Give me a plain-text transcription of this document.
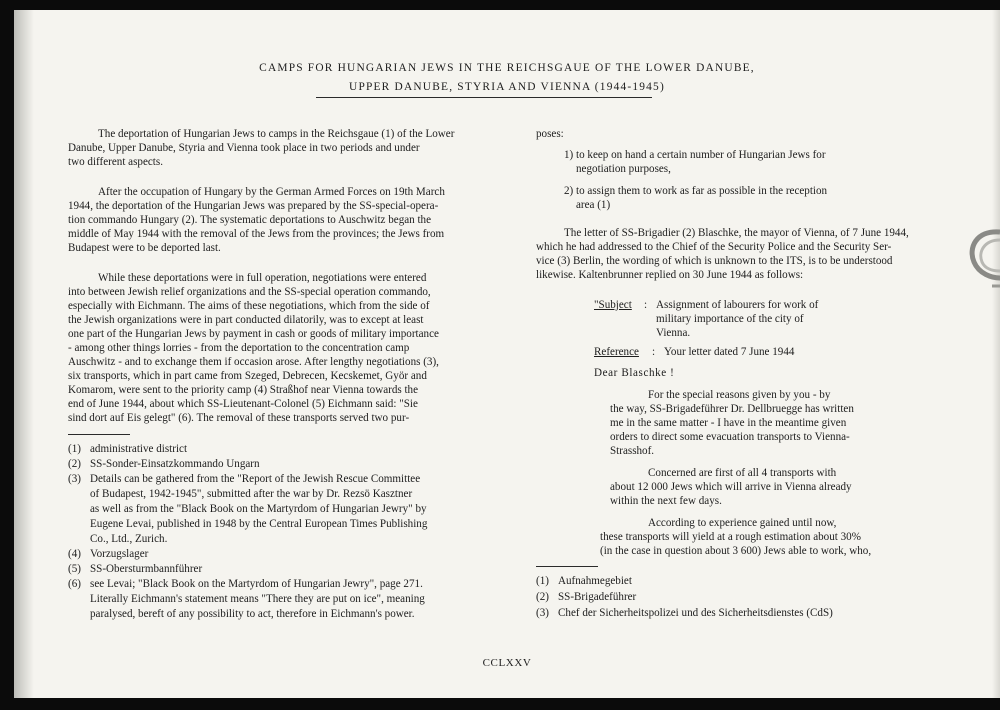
CAMPS FOR HUNGARIAN JEWS IN THE REICHSGAUE OF THE LOWER DANUBE,
UPPER DANUBE, STYRIA AND VIENNA (1944-1945)
The deportation of Hungarian Jews to camps in the Reichsgaue (1) of the Lower
Danube, Upper Danube, Styria and Vienna took place in two periods and under
two different aspects.
After the occupation of Hungary by the German Armed Forces on 19th March
1944, the deportation of the Hungarian Jews was prepared by the SS-special-opera-
tion commando Hungary (2). The systematic deportations to Auschwitz began the
middle of May 1944 with the removal of the Jews from the provinces; the Jews from
Budapest were to be deported last.
While these deportations were in full operation, negotiations were entered
into between Jewish relief organizations and the SS-special operation commando,
especially with Eichmann. The aims of these negotiations, which from the side of
the Jewish organizations were in part conducted dilatorily, was to except at least
one part of the Hungarian Jews by payment in cash or goods of military importance
- among other things lorries - from the deportation to the concentration camp
Auschwitz - and to exchange them if occasion arose. After lengthy negotiations (3),
six transports, which in part came from Szeged, Debrecen, Kecskemet, Györ and
Komarom, were sent to the priority camp (4) Straßhof near Vienna towards the
end of June 1944, about which SS-Lieutenant-Colonel (5) Eichmann said: "Sie
sind dort auf Eis gelegt" (6). The removal of these transports served two pur-
(1) administrative district
(2) SS-Sonder-Einsatzkommando Ungarn
(3) Details can be gathered from the "Report of the Jewish Rescue Committee
of Budapest, 1942-1945", submitted after the war by Dr. Rezsö Kasztner
as well as from the "Black Book on the Martyrdom of Hungarian Jewry" by
Eugene Levai, published in 1948 by the Central European Times Publishing
Co., Ltd., Zurich.
(4) Vorzugslager
(5) SS-Obersturmbannführer
(6) see Levai; "Black Book on the Martyrdom of Hungarian Jewry", page 271.
Literally Eichmann's statement means "There they are put on ice", meaning
paralysed, bereft of any possibility to act, therefore in Eichmann's power.
poses:
1) to keep on hand a certain number of Hungarian Jews for
negotiation purposes,
2) to assign them to work as far as possible in the reception
area (1)
The letter of SS-Brigadier (2) Blaschke, the mayor of Vienna, of 7 June 1944,
which he had addressed to the Chief of the Security Police and the Security Ser-
vice (3) Berlin, the wording of which is unknown to the ITS, is to be understood
likewise. Kaltenbrunner replied on 30 June 1944 as follows:
"Subject : Assignment of labourers for work of
military importance of the city of
Vienna.
Reference : Your letter dated 7 June 1944
Dear Blaschke !
For the special reasons given by you - by
the way, SS-Brigadeführer Dr. Dellbruegge has written
me in the same matter - I have in the meantime given
orders to direct some evacuation transports to Vienna-
Strasshof.
Concerned are first of all 4 transports with
about 12 000 Jews which will arrive in Vienna already
within the next few days.
According to experience gained until now,
these transports will yield at a rough estimation about 30%
(in the case in question about 3 600) Jews able to work, who,
(1) Aufnahmegebiet
(2) SS-Brigadeführer
(3) Chef der Sicherheitspolizei und des Sicherheitsdienstes (CdS)
CCLXXV
